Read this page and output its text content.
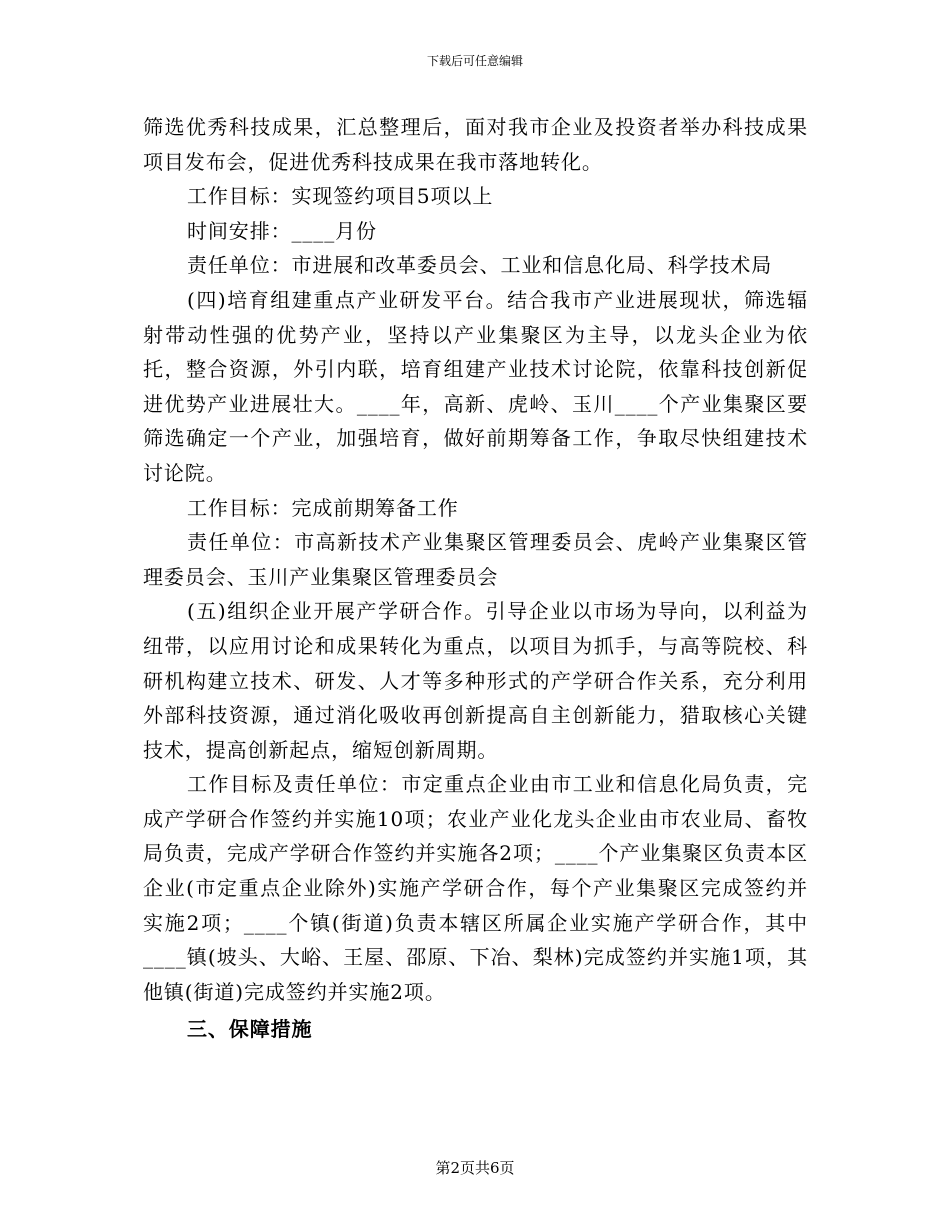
下载后可任意编辑

筛选优秀科技成果，汇总整理后，面对我市企业及投资者举办科技成果项目发布会，促进优秀科技成果在我市落地转化。

工作目标：实现签约项目5项以上

时间安排：____月份

责任单位：市进展和改革委员会、工业和信息化局、科学技术局

(四)培育组建重点产业研发平台。结合我市产业进展现状，筛选辐射带动性强的优势产业，坚持以产业集聚区为主导，以龙头企业为依托，整合资源，外引内联，培育组建产业技术讨论院，依靠科技创新促进优势产业进展壮大。____年，高新、虎岭、玉川____个产业集聚区要筛选确定一个产业，加强培育，做好前期筹备工作，争取尽快组建技术讨论院。

工作目标：完成前期筹备工作

责任单位：市高新技术产业集聚区管理委员会、虎岭产业集聚区管理委员会、玉川产业集聚区管理委员会

(五)组织企业开展产学研合作。引导企业以市场为导向，以利益为纽带，以应用讨论和成果转化为重点，以项目为抓手，与高等院校、科研机构建立技术、研发、人才等多种形式的产学研合作关系，充分利用外部科技资源，通过消化吸收再创新提高自主创新能力，猎取核心关键技术，提高创新起点，缩短创新周期。

工作目标及责任单位：市定重点企业由市工业和信息化局负责，完成产学研合作签约并实施10项；农业产业化龙头企业由市农业局、畜牧局负责，完成产学研合作签约并实施各2项；____个产业集聚区负责本区企业(市定重点企业除外)实施产学研合作，每个产业集聚区完成签约并实施2项；____个镇(街道)负责本辖区所属企业实施产学研合作，其中____镇(坡头、大峪、王屋、邵原、下冶、梨林)完成签约并实施1项，其他镇(街道)完成签约并实施2项。

三、保障措施

第2页共6页
